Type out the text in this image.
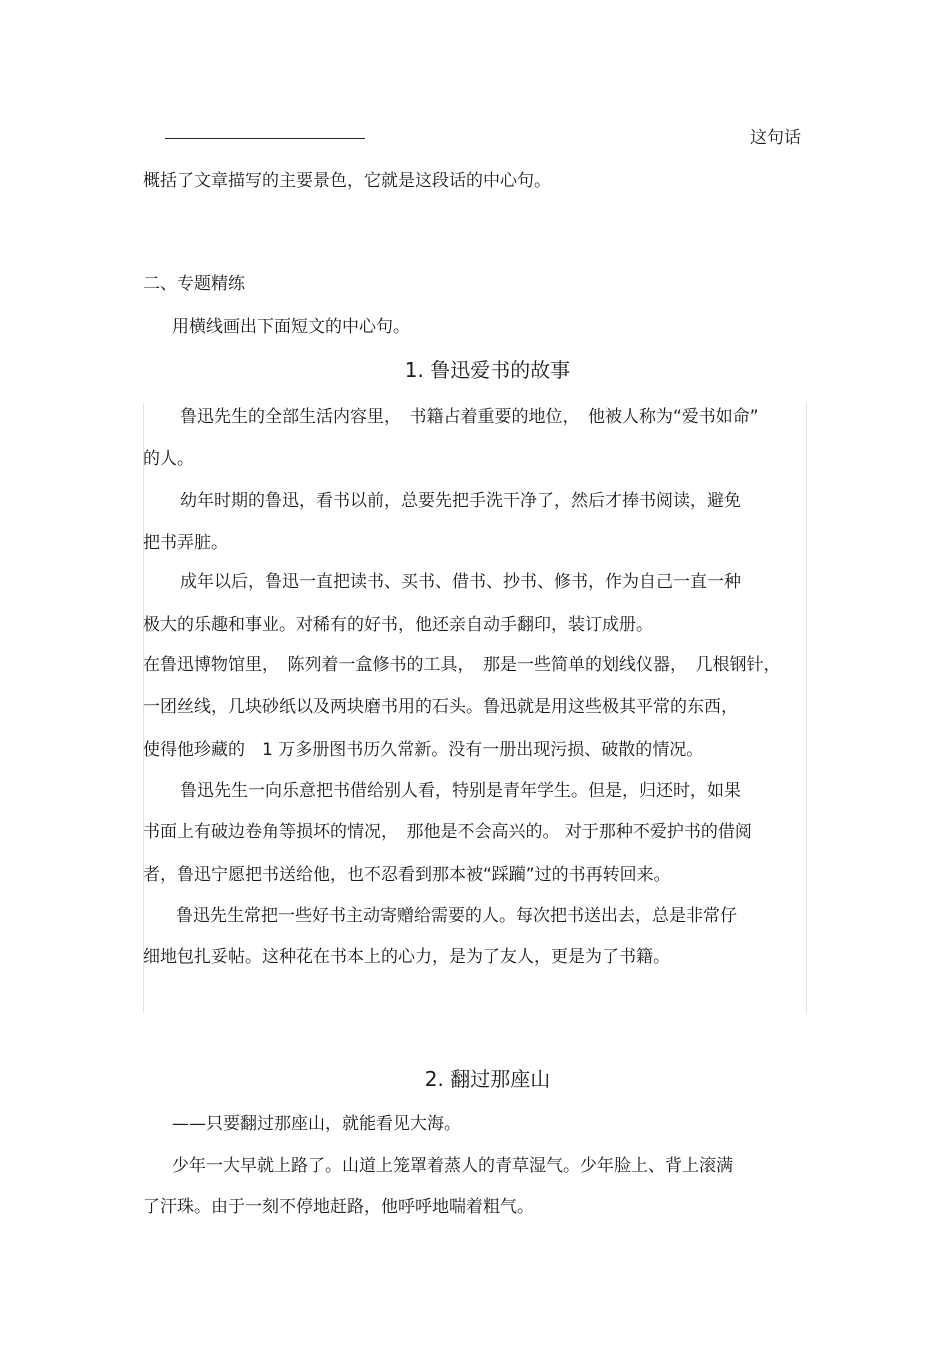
这句话
概括了文章描写的主要景色，它就是这段话的中心句。
二、专题精练
用横线画出下面短文的中心句。
1. 鲁迅爱书的故事
鲁迅先生的全部生活内容里，　书籍占着重要的地位，　他被人称为“爱书如命”
的人。
幼年时期的鲁迅，看书以前，总要先把手洗干净了，然后才捧书阅读，避免
把书弄脏。
成年以后，鲁迅一直把读书、买书、借书、抄书、修书，作为自己一直一种
极大的乐趣和事业。对稀有的好书，他还亲自动手翻印，装订成册。
在鲁迅博物馆里，　陈列着一盒修书的工具，　那是一些简单的划线仪器，　几根钢针，
一团丝线，几块砂纸以及两块磨书用的石头。鲁迅就是用这些极其平常的东西，
使得他珍藏的　1 万多册图书历久常新。没有一册出现污损、破散的情况。
鲁迅先生一向乐意把书借给别人看，特别是青年学生。但是，归还时，如果
书面上有破边卷角等损坏的情况，　那他是不会高兴的。 对于那种不爱护书的借阅
者，鲁迅宁愿把书送给他，也不忍看到那本被“踩躏”过的书再转回来。
鲁迅先生常把一些好书主动寄赠给需要的人。每次把书送出去，总是非常仔
细地包扎妥帖。这种花在书本上的心力，是为了友人，更是为了书籍。
2. 翻过那座山
——只要翻过那座山，就能看见大海。
少年一大早就上路了。山道上笼罩着蒸人的青草湿气。少年脸上、背上滚满
了汗珠。由于一刻不停地赶路，他呼呼地喘着粗气。
